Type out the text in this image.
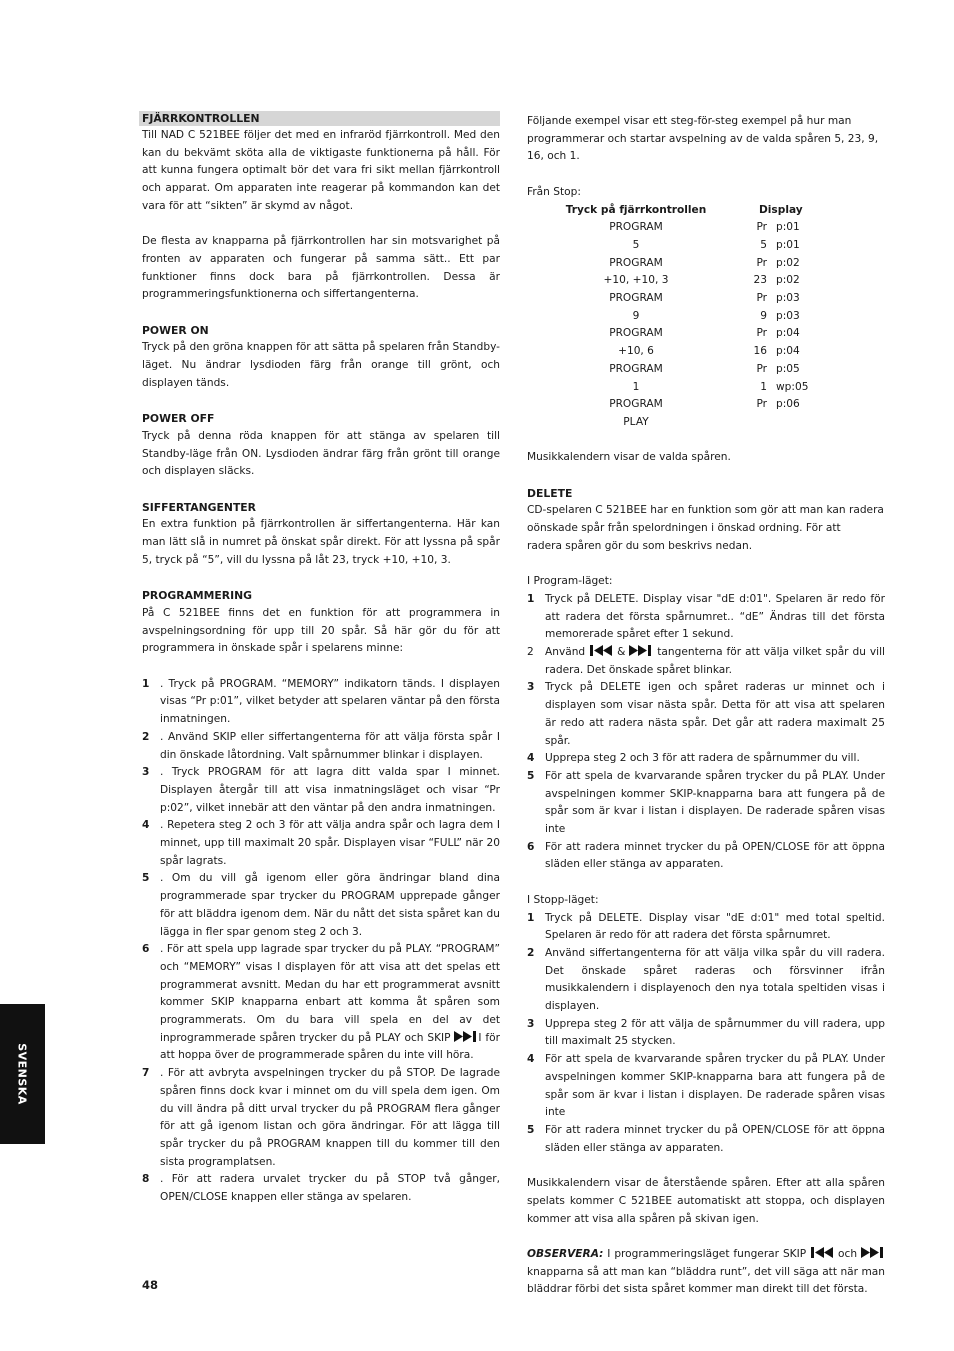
FJÄRRKONTROLLEN

Till NAD C 521BEE följer det med en infraröd fjärrkontroll. Med den kan du bekvämt sköta alla de viktigaste funktionerna på håll. För att kunna fungera optimalt bör det vara fri sikt mellan fjärrkontroll och apparat. Om apparaten inte reagerar på kommandon kan det vara för att “sikten” är skymd av något.

De flesta av knapparna på fjärrkontrollen har sin motsvarighet på fronten av apparaten och fungerar på samma sätt.. Ett par funktioner finns dock bara på fjärrkontrollen. Dessa är programmeringsfunktionerna och siffertangenterna.

POWER ON

Tryck på den gröna knappen för att sätta på spelaren från Standby-läget. Nu ändrar lysdioden färg från orange till grönt, och displayen tänds.

POWER OFF

Tryck på denna röda knappen för att stänga av spelaren till Standby-läge från ON. Lysdioden ändrar färg från grönt till orange och displayen släcks.

SIFFERTANGENTER

En extra funktion på fjärrkontrollen är siffertangenterna. Här kan man lätt slå in numret på önskat spår direkt. För att lyssna på spår 5, tryck på “5”, vill du lyssna på låt 23, tryck +10, +10, 3.

PROGRAMMERING

På C 521BEE finns det en funktion för att programmera in avspelningsordning för upp till 20 spår. Så här gör du för att programmera in önskade spår i spelarens minne:

1	. Tryck på PROGRAM. “MEMORY” indikatorn tänds. I displayen visas “Pr p:01”, vilket betyder att spelaren väntar på den första inmatningen.
2	. Använd SKIP eller siffertangenterna för att välja första spår I din önskade låtordning. Valt spårnummer blinkar i displayen.
3	. Tryck PROGRAM för att lagra ditt valda spar I minnet. Displayen återgår till att visa inmatningsläget och visar “Pr p:02”, vilket innebär att den väntar på den andra inmatningen.
4	. Repetera steg 2 och 3 för att välja andra spår och lagra dem I minnet, upp till maximalt 20 spår. Displayen visar “FULL” när 20 spår lagrats.
5	. Om du vill gå igenom eller göra ändringar bland dina programmerade spar trycker du PROGRAM upprepade gånger för att bläddra igenom dem. När du nått det sista spåret kan du lägga in fler spar genom steg 2 och 3.
6	. För att spela upp lagrade spar trycker du på PLAY. “PROGRAM” och “MEMORY” visas I displayen för att visa att det spelas ett programmerat avsnitt. Medan du har ett programmerat avsnitt kommer SKIP knapparna enbart att komma åt spåren som programmerats. Om du bara vill spela en del av det inprogrammerade spåren trycker du på PLAY och SKIP	I för att hoppa över de programmerade spåren du inte vill höra.
7	. För att avbryta avspelningen trycker du på STOP. De lagrade spåren finns dock kvar i minnet om du vill spela dem igen. Om du vill ändra på ditt urval trycker du på PROGRAM flera gånger för att gå igenom listan och göra ändringar. För att lägga till spår trycker du på PROGRAM knappen till du kommer till den sista programplatsen.
8	. För att radera urvalet trycker du på STOP två gånger, OPEN/CLOSE knappen eller stänga av spelaren.

Följande exempel visar ett steg-för-steg exempel på hur man programmerar och startar avspelning av de valda spåren 5, 23, 9, 16, och 1.

Från Stop:

Tryck på fjärrkontrollen	Display
PROGRAM	Pr p:01
5	5 p:01
PROGRAM	Pr p:02
+10, +10, 3	23 p:02
PROGRAM	Pr p:03
9	9 p:03
PROGRAM	Pr p:04
+10, 6	16 p:04
PROGRAM	Pr p:05
1	1 wp:05
PROGRAM	Pr p:06
PLAY

Musikkalendern visar de valda spåren.

DELETE

CD-spelaren C 521BEE har en funktion som gör att man kan radera

oönskade spår från spelordningen i önskad ordning. För att

radera spåren gör du som beskrivs nedan.

I Program-läget:

1	Tryck på DELETE. Display visar "dE d:01". Spelaren är redo för att radera det första spårnumret.. “dE” Ändras till det första memorerade spåret efter 1 sekund.
2	Använd	&	tangenterna för att välja vilket spår du vill radera. Det önskade spåret blinkar.
3	Tryck på DELETE igen och spåret raderas ur minnet och i displayen som visar nästa spår. Detta för att visa att spelaren är redo att radera nästa spår. Det går att radera maximalt 25 spår.
4	Upprepa steg 2 och 3 för att radera de spårnummer du vill.
5	För att spela de kvarvarande spåren trycker du på PLAY. Under avspelningen kommer SKIP-knapparna bara att fungera på de spår som är kvar i listan i displayen. De raderade spåren visas inte
6	För att radera minnet trycker du på OPEN/CLOSE för att öppna släden eller stänga av apparaten.

I Stopp-läget:

1	Tryck på DELETE. Display visar "dE d:01" med total speltid. Spelaren är redo för att radera det första spårnumret.
2	Använd siffertangenterna för att välja vilka spår du vill radera. Det önskade spåret raderas och försvinner ifrån musikkalendern i displayenoch den nya totala speltiden visas i displayen.
3	Upprepa steg 2 för att välja de spårnummer du vill radera, upp till maximalt 25 stycken.
4	För att spela de kvarvarande spåren trycker du på PLAY. Under avspelningen kommer SKIP-knapparna bara att fungera på de spår som är kvar i listan i displayen. De raderade spåren visas inte
5	För att radera minnet trycker du på OPEN/CLOSE för att öppna släden eller stänga av apparaten.

Musikkalendern visar de återstående spåren. Efter att alla spåren spelats kommer C 521BEE automatiskt att stoppa, och displayen kommer att visa alla spåren på skivan igen.

OBSERVERA: I programmeringsläget fungerar SKIP	och  knapparna så att man kan “bläddra runt”, det vill säga att när man bläddrar förbi det sista spåret kommer man direkt till det första.

SVENSKA
48
